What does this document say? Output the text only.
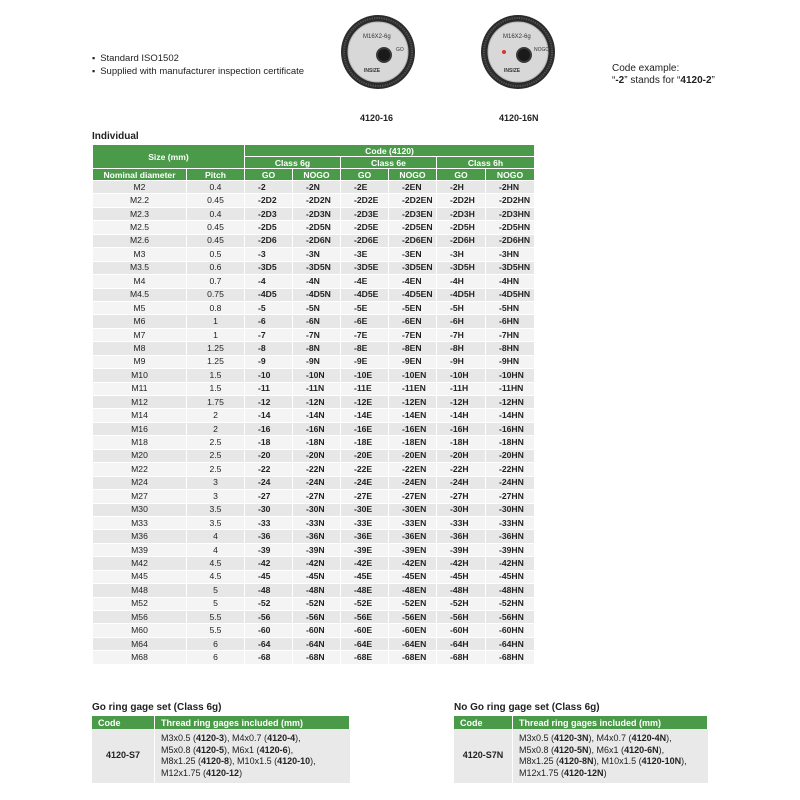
▪ Standard ISO1502
▪ Supplied with manufacturer inspection certificate
M16X2-6g
GO
INSIZE
M16X2-6g
NOGO
INSIZE
4120-16	4120-16N
Code example:
“-2” stands for “4120-2”
Individual
Size (mm)		Code (4120)					
		Class 6g		Class 6e		Class 6h	
Nominal diameter	Pitch	GO	NOGO	GO	NOGO	GO	NOGO
M2	0.4	-2	-2N	-2E	-2EN	-2H	-2HN
M2.2	0.45	-2D2	-2D2N	-2D2E	-2D2EN	-2D2H	-2D2HN
M2.3	0.4	-2D3	-2D3N	-2D3E	-2D3EN	-2D3H	-2D3HN
M2.5	0.45	-2D5	-2D5N	-2D5E	-2D5EN	-2D5H	-2D5HN
M2.6	0.45	-2D6	-2D6N	-2D6E	-2D6EN	-2D6H	-2D6HN
M3	0.5	-3	-3N	-3E	-3EN	-3H	-3HN
M3.5	0.6	-3D5	-3D5N	-3D5E	-3D5EN	-3D5H	-3D5HN
M4	0.7	-4	-4N	-4E	-4EN	-4H	-4HN
M4.5	0.75	-4D5	-4D5N	-4D5E	-4D5EN	-4D5H	-4D5HN
M5	0.8	-5	-5N	-5E	-5EN	-5H	-5HN
M6	1	-6	-6N	-6E	-6EN	-6H	-6HN
M7	1	-7	-7N	-7E	-7EN	-7H	-7HN
M8	1.25	-8	-8N	-8E	-8EN	-8H	-8HN
M9	1.25	-9	-9N	-9E	-9EN	-9H	-9HN
M10	1.5	-10	-10N	-10E	-10EN	-10H	-10HN
M11	1.5	-11	-11N	-11E	-11EN	-11H	-11HN
M12	1.75	-12	-12N	-12E	-12EN	-12H	-12HN
M14	2	-14	-14N	-14E	-14EN	-14H	-14HN
M16	2	-16	-16N	-16E	-16EN	-16H	-16HN
M18	2.5	-18	-18N	-18E	-18EN	-18H	-18HN
M20	2.5	-20	-20N	-20E	-20EN	-20H	-20HN
M22	2.5	-22	-22N	-22E	-22EN	-22H	-22HN
M24	3	-24	-24N	-24E	-24EN	-24H	-24HN
M27	3	-27	-27N	-27E	-27EN	-27H	-27HN
M30	3.5	-30	-30N	-30E	-30EN	-30H	-30HN
M33	3.5	-33	-33N	-33E	-33EN	-33H	-33HN
M36	4	-36	-36N	-36E	-36EN	-36H	-36HN
M39	4	-39	-39N	-39E	-39EN	-39H	-39HN
M42	4.5	-42	-42N	-42E	-42EN	-42H	-42HN
M45	4.5	-45	-45N	-45E	-45EN	-45H	-45HN
M48	5	-48	-48N	-48E	-48EN	-48H	-48HN
M52	5	-52	-52N	-52E	-52EN	-52H	-52HN
M56	5.5	-56	-56N	-56E	-56EN	-56H	-56HN
M60	5.5	-60	-60N	-60E	-60EN	-60H	-60HN
M64	6	-64	-64N	-64E	-64EN	-64H	-64HN
M68	6	-68	-68N	-68E	-68EN	-68H	-68HN
Go ring gage set (Class 6g)
Code	Thread ring gages included (mm)
4120-S7	M3x0.5 (4120-3), M4x0.7 (4120-4),
M5x0.8 (4120-5), M6x1 (4120-6),
M8x1.25 (4120-8), M10x1.5 (4120-10),
M12x1.75 (4120-12)
No Go ring gage set (Class 6g)
Code	Thread ring gages included (mm)
4120-S7N	M3x0.5 (4120-3N), M4x0.7 (4120-4N),
M5x0.8 (4120-5N), M6x1 (4120-6N),
M8x1.25 (4120-8N), M10x1.5 (4120-10N),
M12x1.75 (4120-12N)
